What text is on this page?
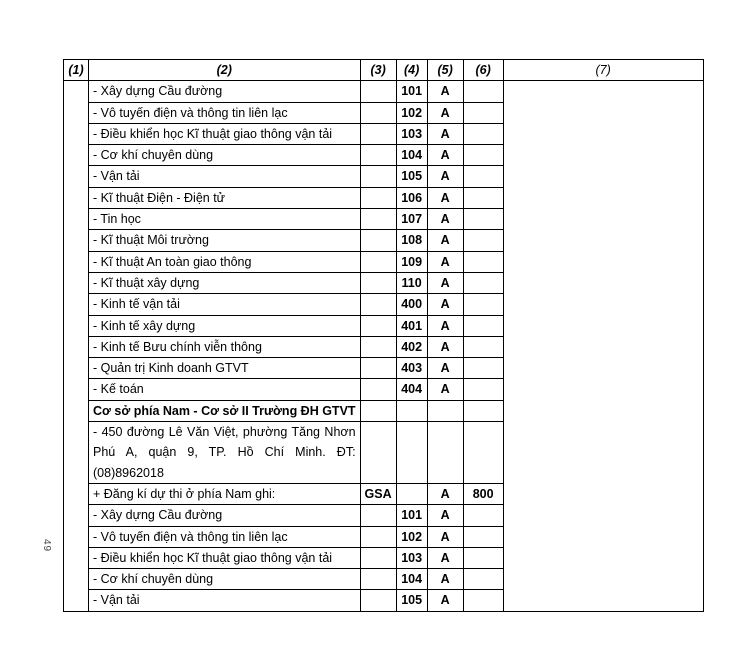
49
(1)	(2)	(3)	(4)	(5)	(6)	(7)
	- Xây dựng Cầu đường		101	A		
	- Vô tuyến điện và thông tin liên lạc		102	A		
	- Điều khiển học Kĩ thuật giao thông vận tải		103	A		
	- Cơ khí chuyên dùng		104	A		
	- Vận tải		105	A		
	- Kĩ thuật Điện - Điện tử		106	A		
	- Tin học		107	A		
	- Kĩ thuật Môi trường		108	A		
	- Kĩ thuật An toàn giao thông		109	A		
	- Kĩ thuật xây dựng		110	A		
	- Kinh tế vận tải		400	A		
	- Kinh tế xây dựng		401	A		
	- Kinh tế Bưu chính viễn thông		402	A		
	- Quản trị Kinh doanh GTVT		403	A		
	- Kế toán		404	A		
	Cơ sở phía Nam - Cơ sở II Trường ĐH GTVT					
	- 450 đường Lê Văn Việt, phường Tăng Nhơn Phú A, quận 9, TP. Hồ Chí Minh. ĐT: (08)8962018					
	+ Đăng kí dự thi ở phía Nam ghi:	GSA		A	800	
	- Xây dựng Cầu đường		101	A		
	- Vô tuyến điện và thông tin liên lạc		102	A		
	- Điều khiển học Kĩ thuật giao thông vận tải		103	A		
	- Cơ khí chuyên dùng		104	A		
	- Vận tải		105	A		
